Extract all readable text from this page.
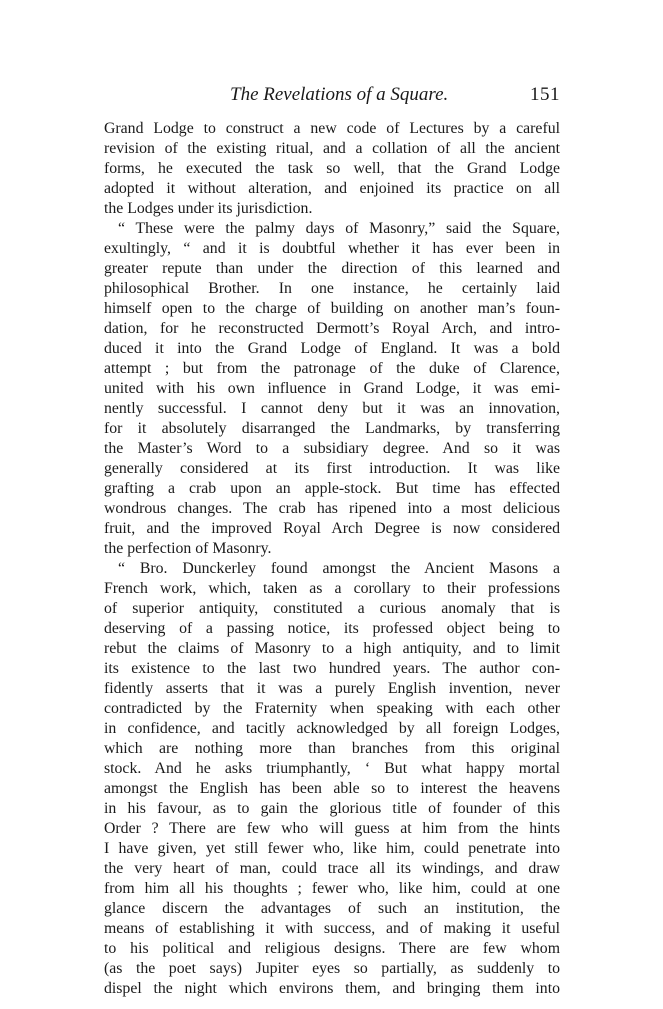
The Revelations of a Square.	151
Grand Lodge to construct a new code of Lectures by a careful
revision of the existing ritual, and a collation of all the ancient
forms, he executed the task so well, that the Grand Lodge
adopted it without alteration, and enjoined its practice on all
the Lodges under its jurisdiction.
“ These were the palmy days of Masonry,” said the Square,
exultingly, “ and it is doubtful whether it has ever been in
greater repute than under the direction of this learned and
philosophical Brother. In one instance, he certainly laid
himself open to the charge of building on another man’s foun-
dation, for he reconstructed Dermott’s Royal Arch, and intro-
duced it into the Grand Lodge of England. It was a bold
attempt ; but from the patronage of the duke of Clarence,
united with his own influence in Grand Lodge, it was emi-
nently successful. I cannot deny but it was an innovation,
for it absolutely disarranged the Landmarks, by transferring
the Master’s Word to a subsidiary degree. And so it was
generally considered at its first introduction. It was like
grafting a crab upon an apple-stock. But time has effected
wondrous changes. The crab has ripened into a most delicious
fruit, and the improved Royal Arch Degree is now considered
the perfection of Masonry.
“ Bro. Dunckerley found amongst the Ancient Masons a
French work, which, taken as a corollary to their professions
of superior antiquity, constituted a curious anomaly that is
deserving of a passing notice, its professed object being to
rebut the claims of Masonry to a high antiquity, and to limit
its existence to the last two hundred years. The author con-
fidently asserts that it was a purely English invention, never
contradicted by the Fraternity when speaking with each other
in confidence, and tacitly acknowledged by all foreign Lodges,
which are nothing more than branches from this original
stock. And he asks triumphantly, ‘ But what happy mortal
amongst the English has been able so to interest the heavens
in his favour, as to gain the glorious title of founder of this
Order ? There are few who will guess at him from the hints
I have given, yet still fewer who, like him, could penetrate into
the very heart of man, could trace all its windings, and draw
from him all his thoughts ; fewer who, like him, could at one
glance discern the advantages of such an institution, the
means of establishing it with success, and of making it useful
to his political and religious designs. There are few whom
(as the poet says) Jupiter eyes so partially, as suddenly to
dispel the night which environs them, and bringing them into
